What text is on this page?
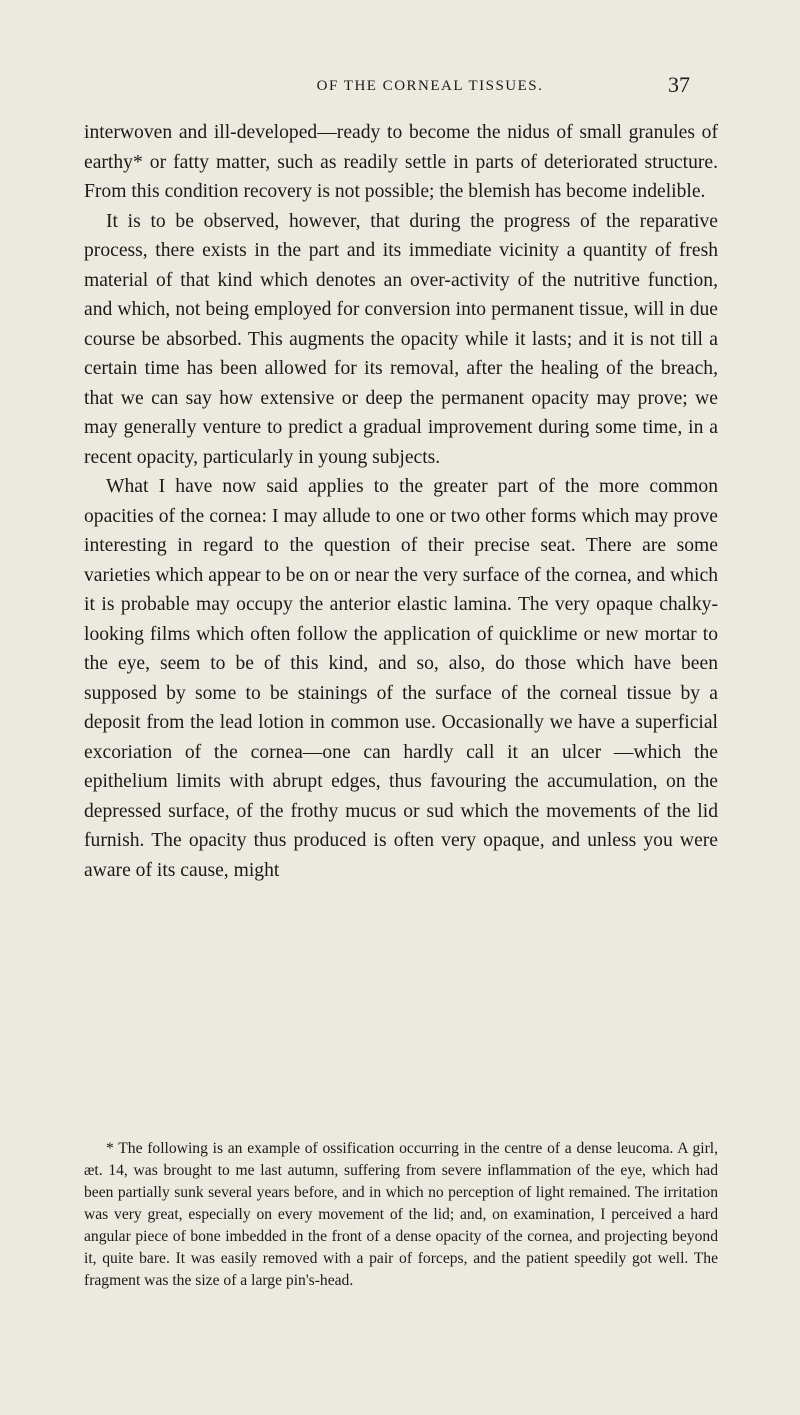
OF THE CORNEAL TISSUES.	37

interwoven and ill-developed—ready to become the nidus of small granules of earthy* or fatty matter, such as readily settle in parts of deteriorated structure. From this condition recovery is not possible; the blemish has become indelible.

It is to be observed, however, that during the progress of the reparative process, there exists in the part and its immediate vicinity a quantity of fresh material of that kind which denotes an over-activity of the nutritive function, and which, not being employed for conversion into permanent tissue, will in due course be absorbed. This augments the opacity while it lasts; and it is not till a certain time has been allowed for its removal, after the healing of the breach, that we can say how extensive or deep the permanent opacity may prove; we may generally venture to predict a gradual improvement during some time, in a recent opacity, particularly in young subjects.

What I have now said applies to the greater part of the more common opacities of the cornea: I may allude to one or two other forms which may prove interesting in regard to the question of their precise seat. There are some varieties which appear to be on or near the very surface of the cornea, and which it is probable may occupy the anterior elastic lamina. The very opaque chalky-looking films which often follow the application of quicklime or new mortar to the eye, seem to be of this kind, and so, also, do those which have been supposed by some to be stainings of the surface of the corneal tissue by a deposit from the lead lotion in common use. Occasionally we have a superficial excoriation of the cornea—one can hardly call it an ulcer —which the epithelium limits with abrupt edges, thus favouring the accumulation, on the depressed surface, of the frothy mucus or sud which the movements of the lid furnish. The opacity thus produced is often very opaque, and unless you were aware of its cause, might

* The following is an example of ossification occurring in the centre of a dense leucoma. A girl, æt. 14, was brought to me last autumn, suffering from severe inflammation of the eye, which had been partially sunk several years before, and in which no perception of light remained. The irritation was very great, especially on every movement of the lid; and, on examination, I perceived a hard angular piece of bone imbedded in the front of a dense opacity of the cornea, and projecting beyond it, quite bare. It was easily removed with a pair of forceps, and the patient speedily got well. The fragment was the size of a large pin's-head.
